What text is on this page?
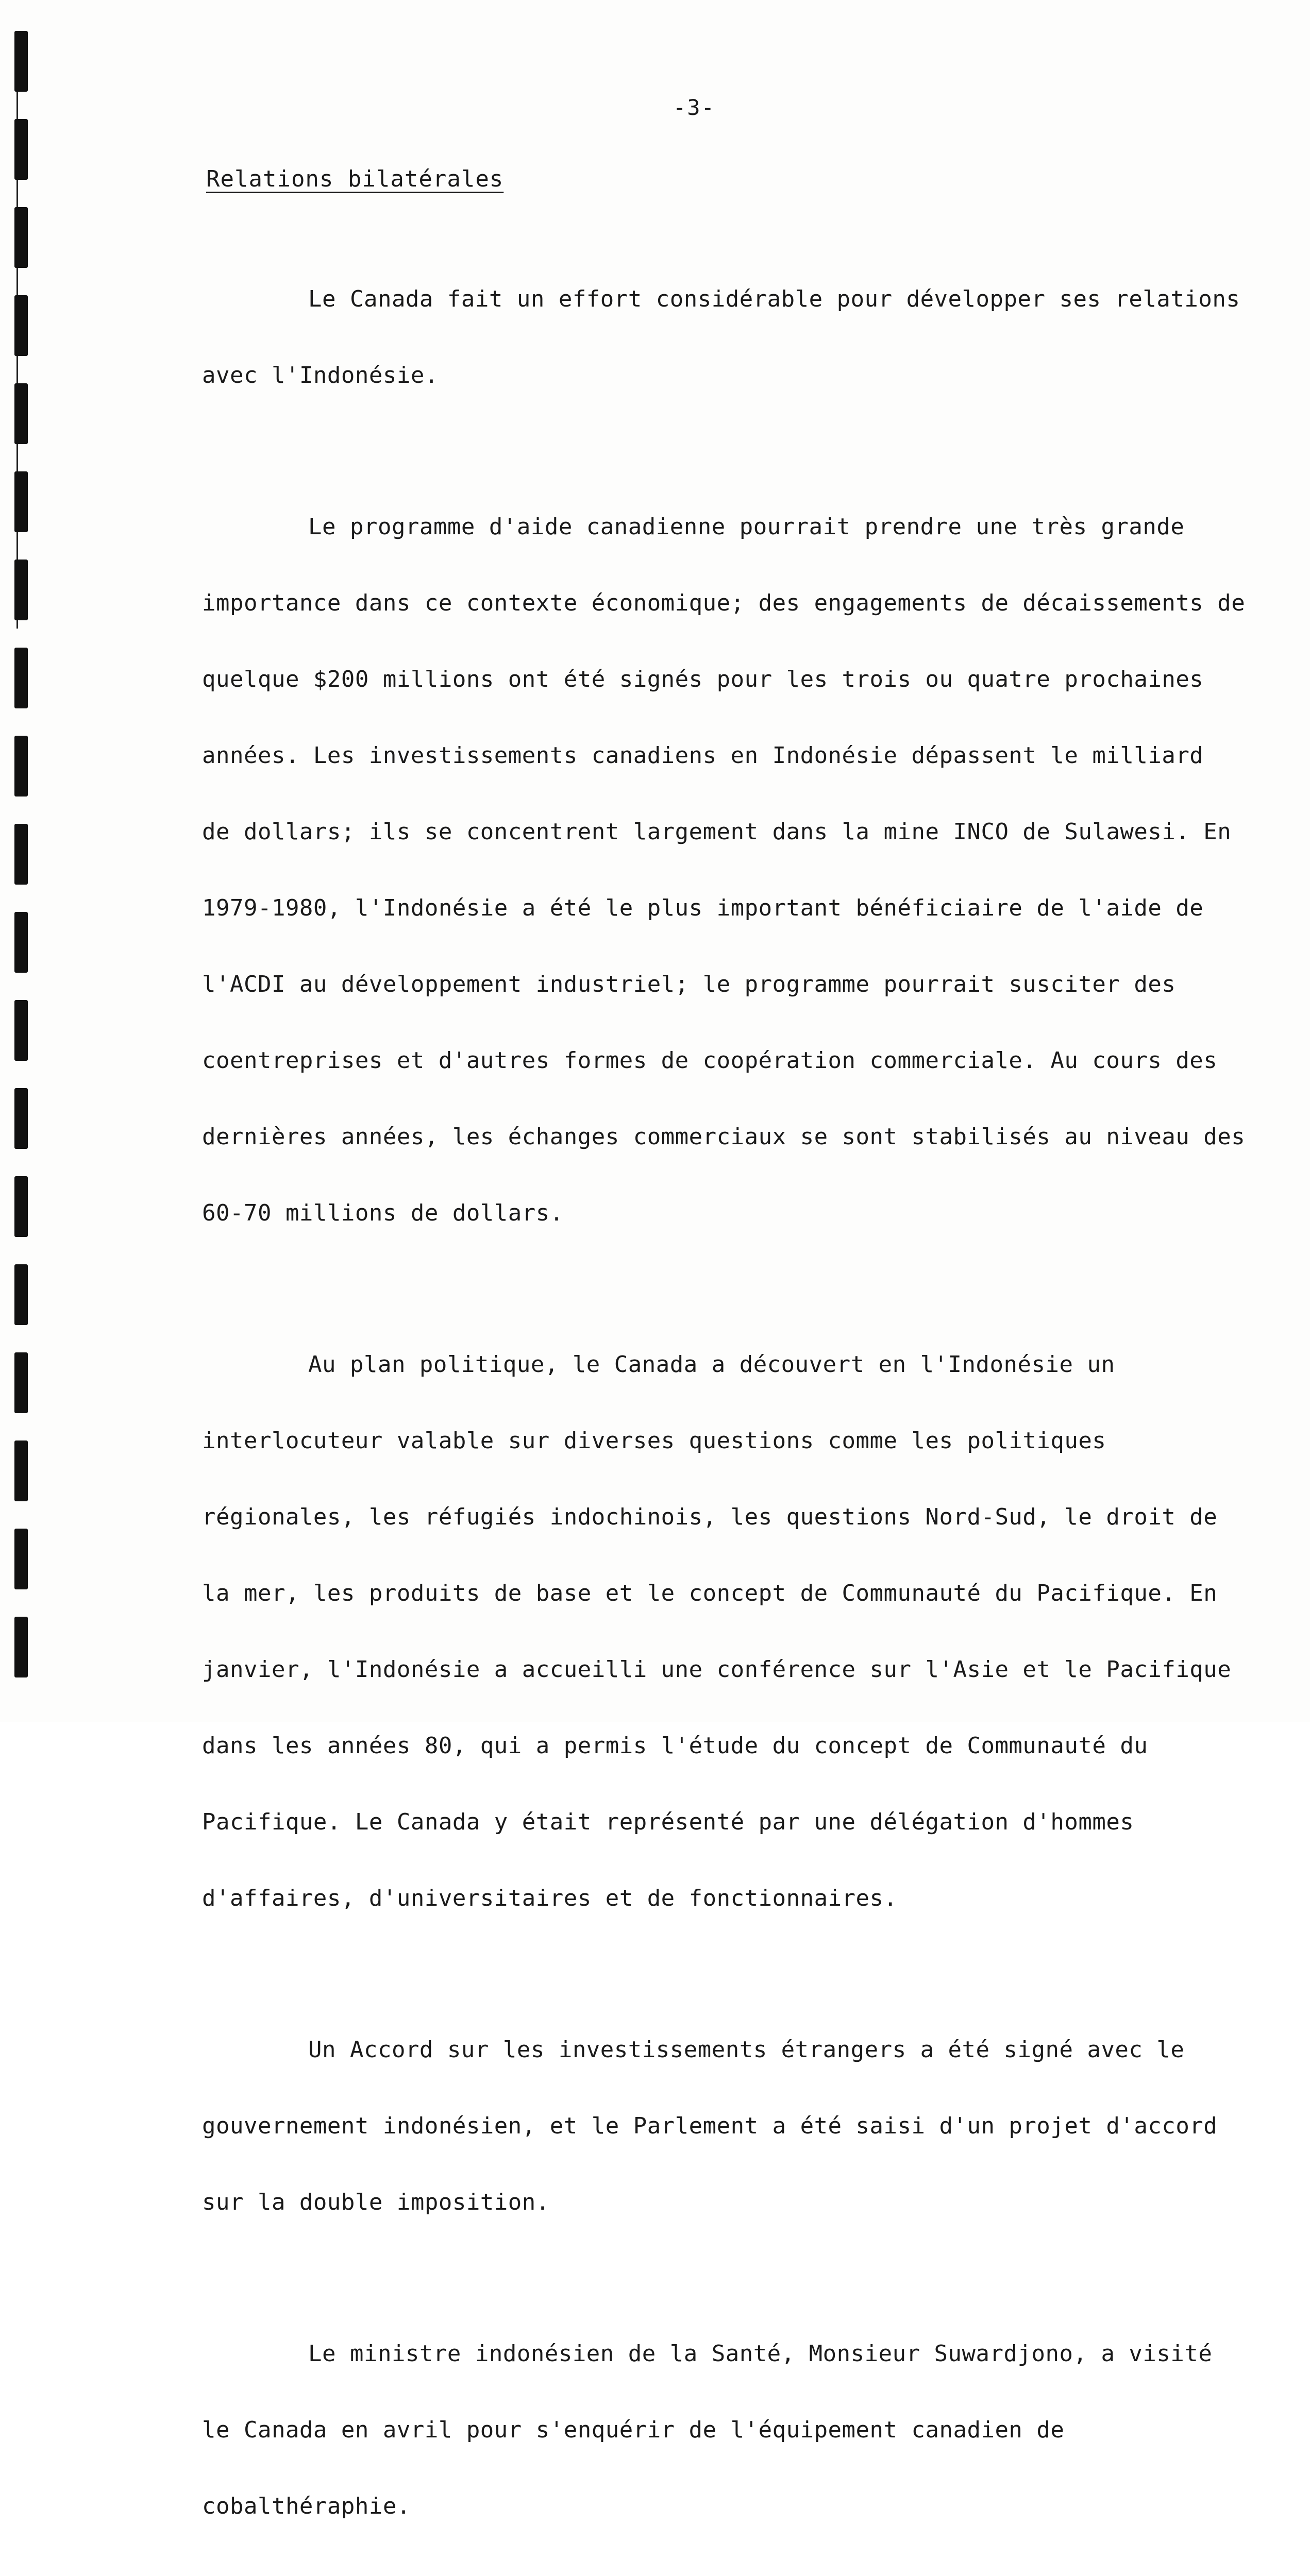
-3-
Relations bilatérales

Le Canada fait un effort considérable pour développer ses relations

avec l'Indonésie.

Le programme d'aide canadienne pourrait prendre une très grande

importance dans ce contexte économique; des engagements de décaissements de

quelque $200 millions ont été signés pour les trois ou quatre prochaines

années. Les investissements canadiens en Indonésie dépassent le milliard

de dollars; ils se concentrent largement dans la mine INCO de Sulawesi. En

1979-1980, l'Indonésie a été le plus important bénéficiaire de l'aide de

l'ACDI au développement industriel; le programme pourrait susciter des

coentreprises et d'autres formes de coopération commerciale. Au cours des

dernières années, les échanges commerciaux se sont stabilisés au niveau des

60-70 millions de dollars.

Au plan politique, le Canada a découvert en l'Indonésie un

interlocuteur valable sur diverses questions comme les politiques

régionales, les réfugiés indochinois, les questions Nord-Sud, le droit de

la mer, les produits de base et le concept de Communauté du Pacifique. En

janvier, l'Indonésie a accueilli une conférence sur l'Asie et le Pacifique

dans les années 80, qui a permis l'étude du concept de Communauté du

Pacifique. Le Canada y était représenté par une délégation d'hommes

d'affaires, d'universitaires et de fonctionnaires.

Un Accord sur les investissements étrangers a été signé avec le

gouvernement indonésien, et le Parlement a été saisi d'un projet d'accord

sur la double imposition.

Le ministre indonésien de la Santé, Monsieur Suwardjono, a visité

le Canada en avril pour s'enquérir de l'équipement canadien de

cobalthéraphie.
